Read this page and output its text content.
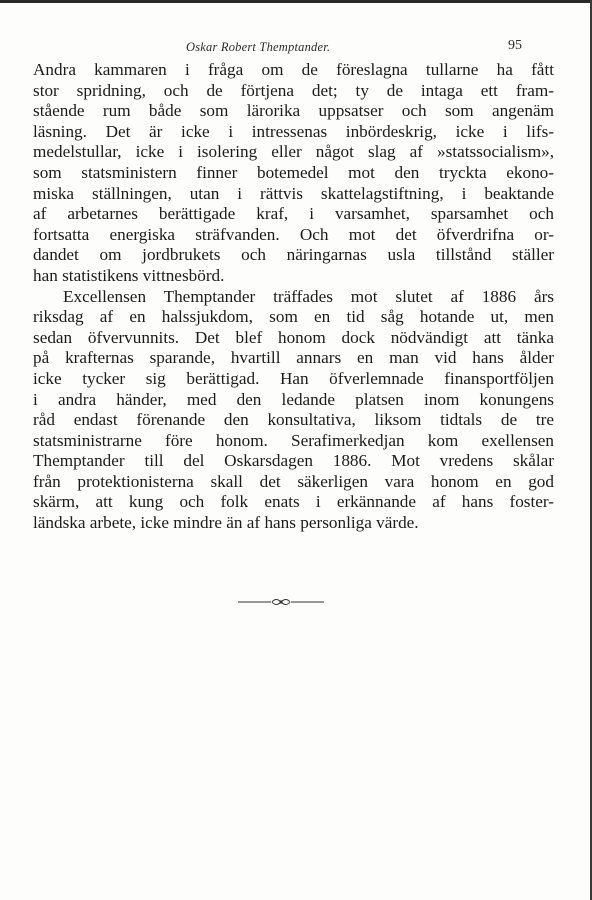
Oskar Robert Themptander.	95
Andra kammaren i fråga om de föreslagna tullarne ha fått
stor spridning, och de förtjena det; ty de intaga ett fram-
stående rum både som lärorika uppsatser och som angenäm
läsning. Det är icke i intressenas inbördeskrig, icke i lifs-
medelstullar, icke i isolering eller något slag af »statssocialism»,
som statsministern finner botemedel mot den tryckta ekono-
miska ställningen, utan i rättvis skattelagstiftning, i beaktande
af arbetarnes berättigade kraf, i varsamhet, sparsamhet och
fortsatta energiska sträfvanden. Och mot det öfverdrifna or-
dandet om jordbrukets och näringarnas usla tillstånd ställer
han statistikens vittnesbörd.
Excellensen Themptander träffades mot slutet af 1886 års
riksdag af en halssjukdom, som en tid såg hotande ut, men
sedan öfvervunnits. Det blef honom dock nödvändigt att tänka
på krafternas sparande, hvartill annars en man vid hans ålder
icke tycker sig berättigad. Han öfverlemnade finansportföljen
i andra händer, med den ledande platsen inom konungens
råd endast förenande den konsultativa, liksom tidtals de tre
statsministrarne före honom. Serafimerkedjan kom exellensen
Themptander till del Oskarsdagen 1886. Mot vredens skålar
från protektionisterna skall det säkerligen vara honom en god
skärm, att kung och folk enats i erkännande af hans foster-
ländska arbete, icke mindre än af hans personliga värde.
